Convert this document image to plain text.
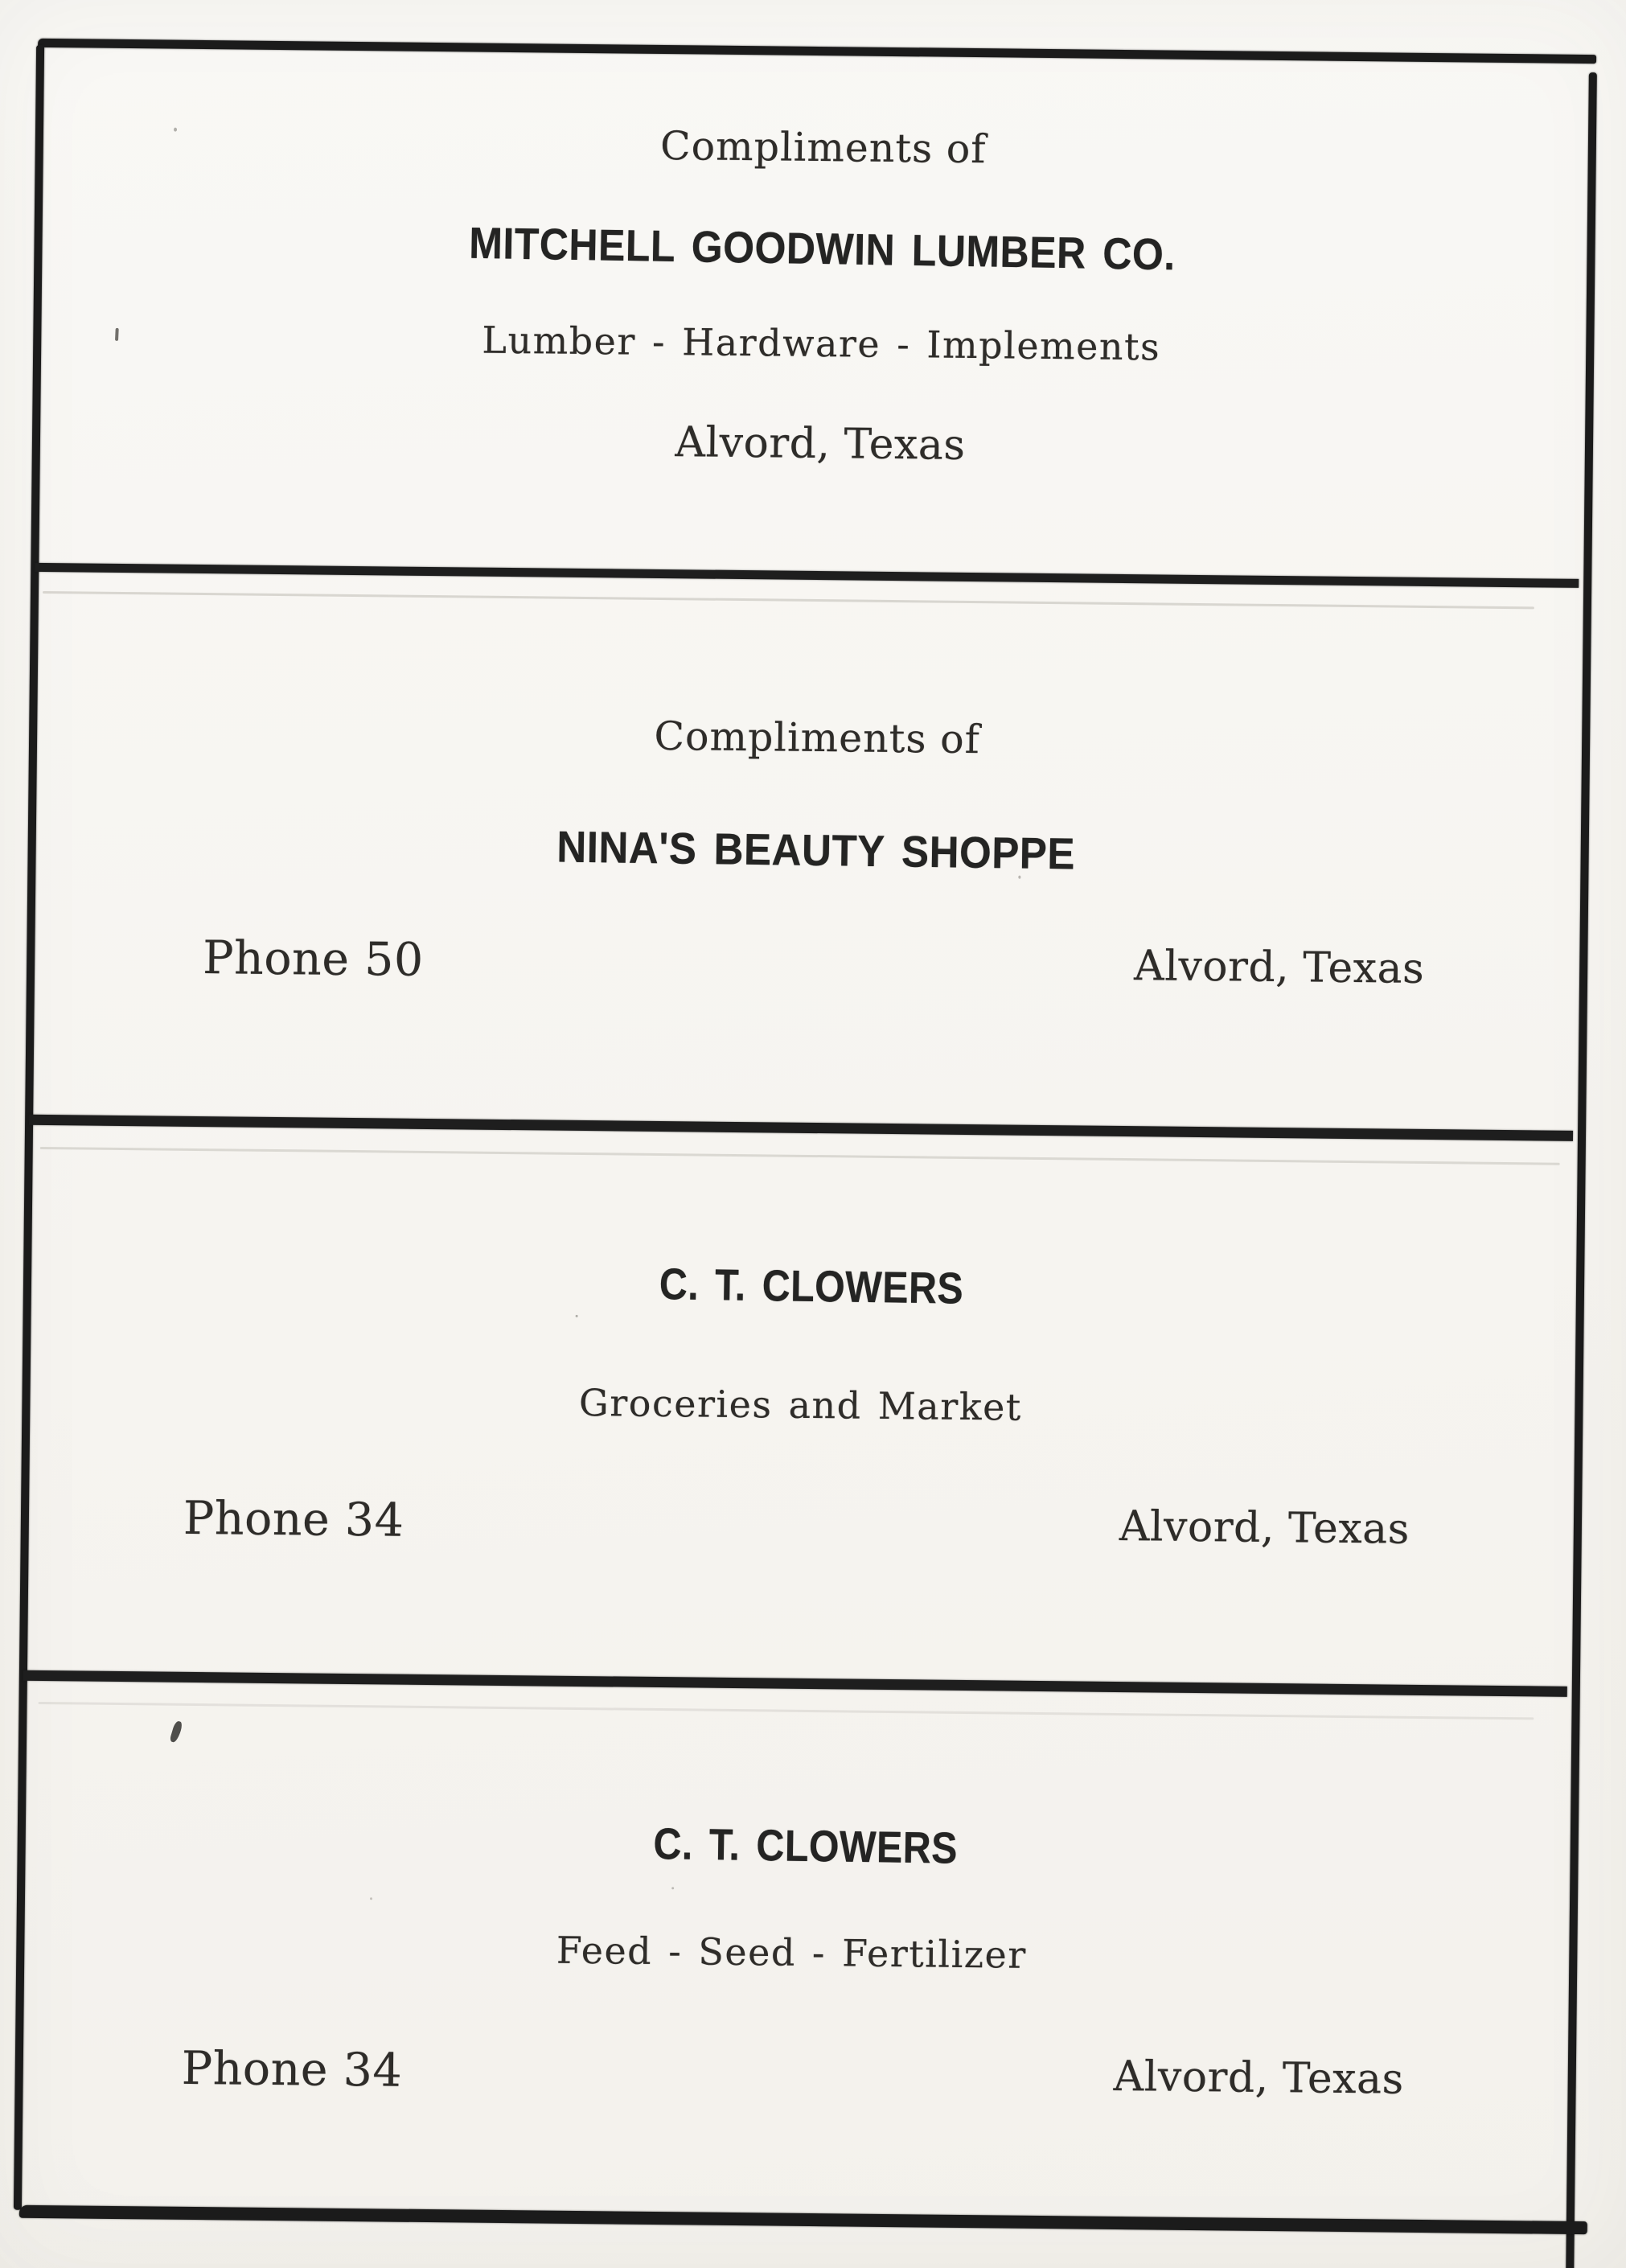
Compliments of
MITCHELL GOODWIN LUMBER CO.
Lumber - Hardware - Implements
Alvord, Texas
Compliments of
NINA'S BEAUTY SHOPPE
Phone 50	Alvord, Texas
C. T. CLOWERS
Groceries and Market
Phone 34	Alvord, Texas
C. T. CLOWERS
Feed - Seed - Fertilizer
Phone 34	Alvord, Texas
